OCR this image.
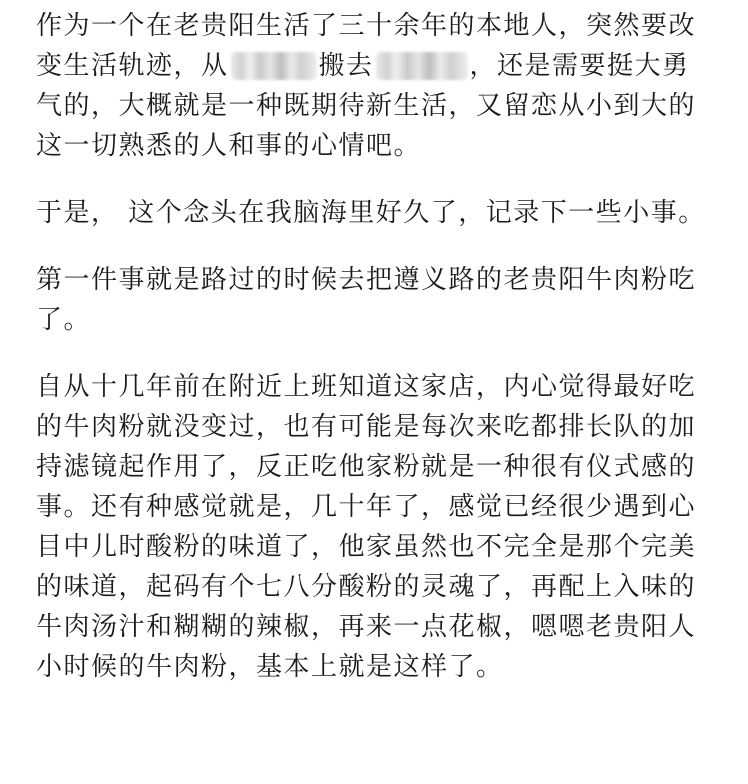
作为一个在老贵阳生活了三十余年的本地人，突然要改变生活轨迹，从	搬去	，还是需要挺大勇气的，大概就是一种既期待新生活，又留恋从小到大的这一切熟悉的人和事的心情吧。

于是， 这个念头在我脑海里好久了，记录下一些小事。

第一件事就是路过的时候去把遵义路的老贵阳牛肉粉吃了。

自从十几年前在附近上班知道这家店，内心觉得最好吃的牛肉粉就没变过，也有可能是每次来吃都排长队的加持滤镜起作用了，反正吃他家粉就是一种很有仪式感的事。还有种感觉就是，几十年了，感觉已经很少遇到心目中儿时酸粉的味道了，他家虽然也不完全是那个完美的味道，起码有个七八分酸粉的灵魂了，再配上入味的牛肉汤汁和糊糊的辣椒，再来一点花椒，嗯嗯老贵阳人小时候的牛肉粉，基本上就是这样了。
